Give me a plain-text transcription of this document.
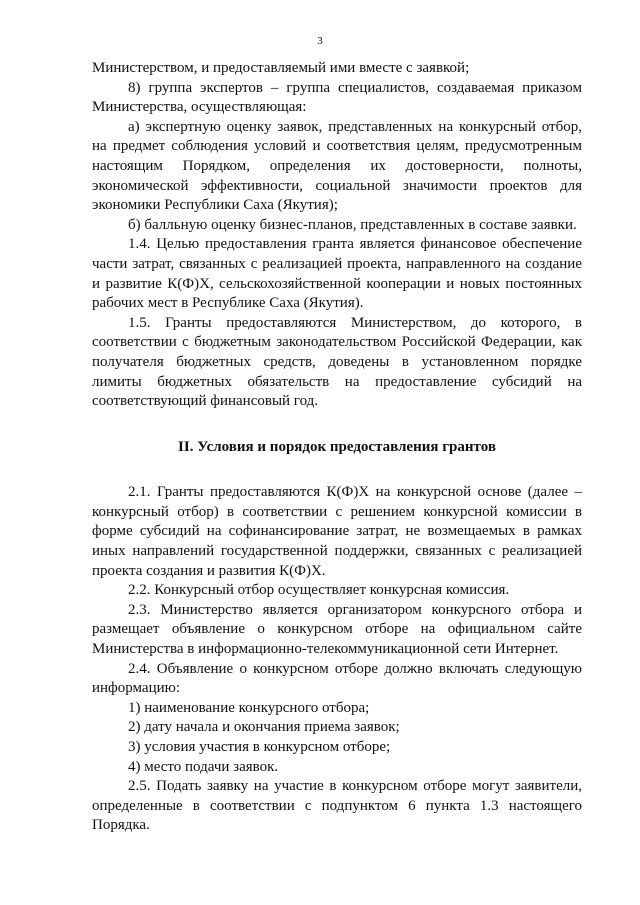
3

Министерством, и предоставляемый ими вместе с заявкой;

8) группа экспертов – группа специалистов, создаваемая приказом Министерства, осуществляющая:

а) экспертную оценку заявок, представленных на конкурсный отбор, на предмет соблюдения условий и соответствия целям, предусмотренным настоящим Порядком, определения их достоверности, полноты, экономической эффективности, социальной значимости проектов для экономики Республики Саха (Якутия);

б) балльную оценку бизнес-планов, представленных в составе заявки.

1.4. Целью предоставления гранта является финансовое обеспечение части затрат, связанных с реализацией проекта, направленного на создание и развитие К(Ф)Х, сельскохозяйственной кооперации и новых постоянных рабочих мест в Республике Саха (Якутия).

1.5. Гранты предоставляются Министерством, до которого, в соответствии с бюджетным законодательством Российской Федерации, как получателя бюджетных средств, доведены в установленном порядке лимиты бюджетных обязательств на предоставление субсидий на соответствующий финансовый год.

II. Условия и порядок предоставления грантов

2.1. Гранты предоставляются К(Ф)Х на конкурсной основе (далее – конкурсный отбор) в соответствии с решением конкурсной комиссии в форме субсидий на софинансирование затрат, не возмещаемых в рамках иных направлений государственной поддержки, связанных с реализацией проекта создания и развития К(Ф)Х.

2.2. Конкурсный отбор осуществляет конкурсная комиссия.

2.3. Министерство является организатором конкурсного отбора и размещает объявление о конкурсном отборе на официальном сайте Министерства в информационно-телекоммуникационной сети Интернет.

2.4. Объявление о конкурсном отборе должно включать следующую информацию:

1) наименование конкурсного отбора;

2) дату начала и окончания приема заявок;

3) условия участия в конкурсном отборе;

4) место подачи заявок.

2.5. Подать заявку на участие в конкурсном отборе могут заявители, определенные в соответствии с подпунктом 6 пункта 1.3 настоящего Порядка.
